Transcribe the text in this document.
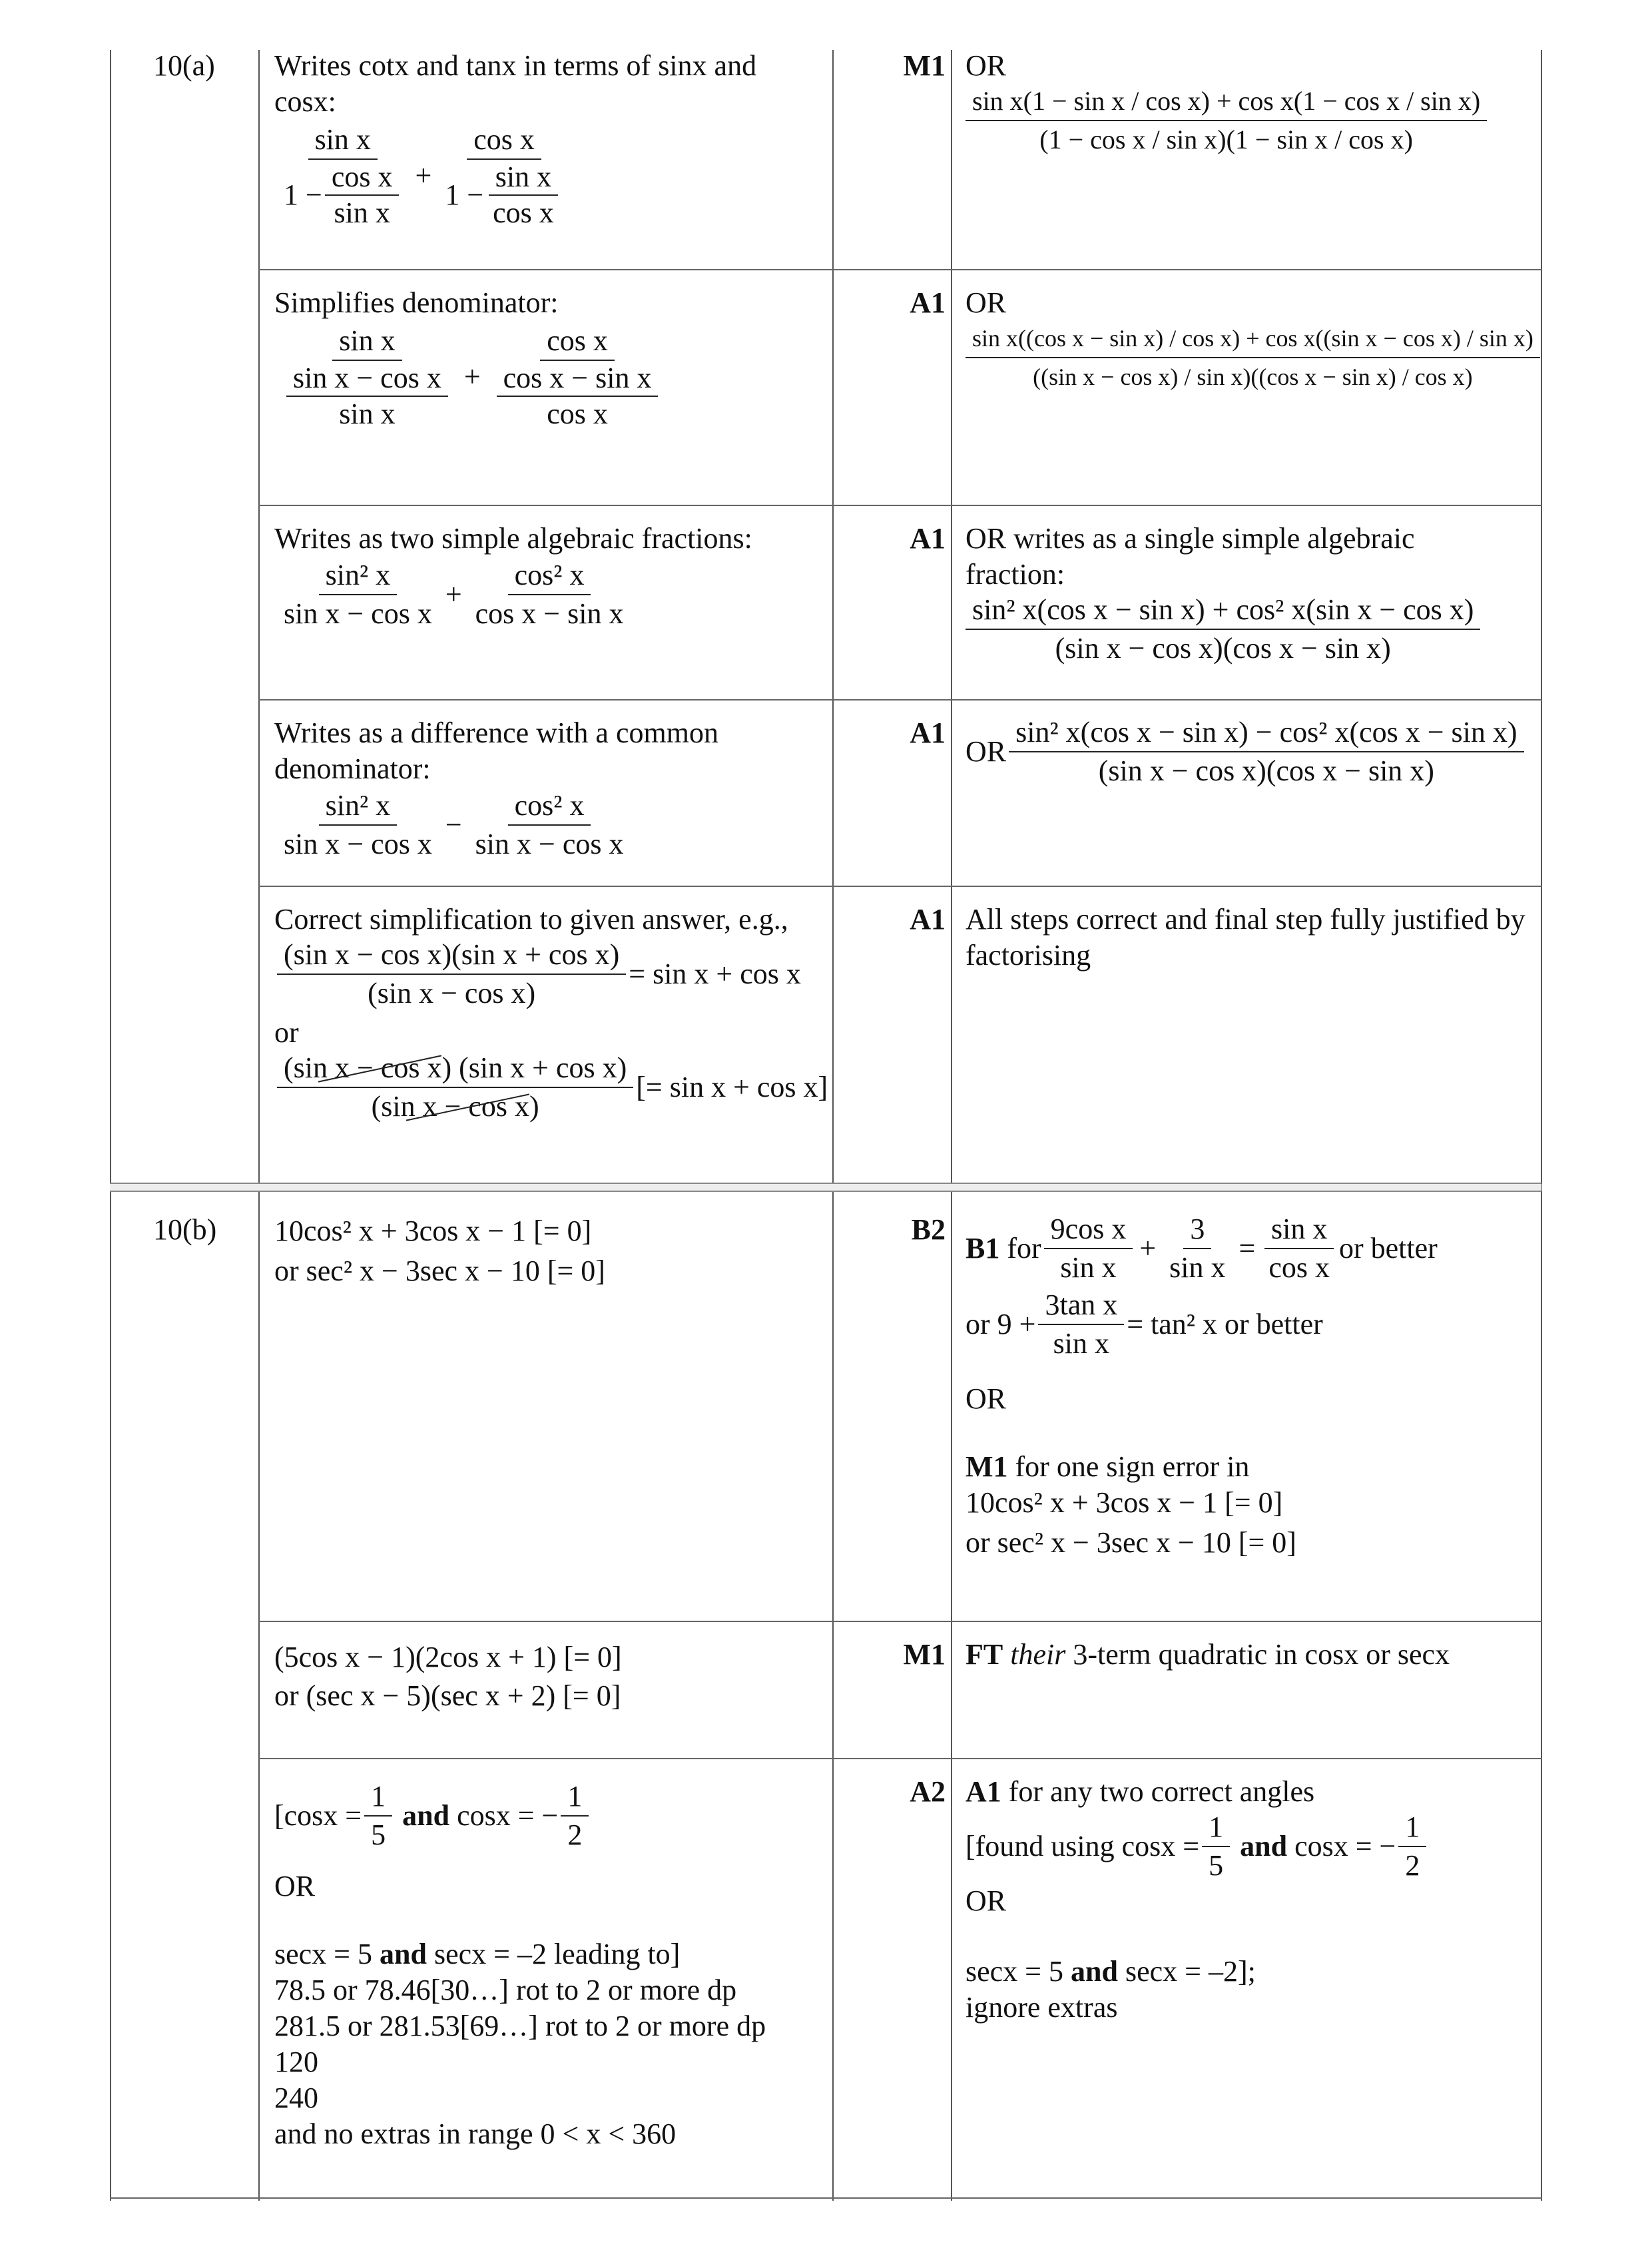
10(a)	M1
Writes cotx and tanx in terms of sinx and cosx:
$\frac{\text{sin x}}{1 - \frac{\text{cos x}}{\text{sin x}}} + \frac{\text{cos x}}{1 - \frac{\text{sin x}}{\text{cos x}}}$
OR
$\frac{\text{sin x(1 − sin x / cos x) + cos x(1 − cos x / sin x)}}{\text{(1 − cos x / sin x)(1 − sin x / cos x)}}$
A1
Simplifies denominator:
$\frac{\text{sin x}}{\frac{\text{sin x − cos x}}{\text{sin x}}} + \frac{\text{cos x}}{\frac{\text{cos x − sin x}}{\text{cos x}}}$
OR
sin x((cos x − sin x) / cos x) + cos x((sin x − cos x) / sin x)
((sin x − cos x) / sin x)((cos x − sin x) / cos x)
A1
Writes as two simple algebraic fractions:
$\frac{\text{sin² x}}{\text{sin x − cos x}} + \frac{\text{cos² x}}{\text{cos x − sin x}}$
OR writes as a single simple algebraic fraction:
$\frac{\text{sin² x(cos x − sin x) + cos² x(sin x − cos x)}}{\text{(sin x − cos x)(cos x − sin x)}}$
A1
Writes as a difference with a common denominator:
$\frac{\text{sin² x}}{\text{sin x − cos x}} - \frac{\text{cos² x}}{\text{sin x − cos x}}$
OR $\frac{\text{sin² x(cos x − sin x) − cos² x(cos x − sin x)}}{\text{(sin x − cos x)(cos x − sin x)}}$
A1
Correct simplification to given answer, e.g.,
$\frac{\text{(sin x − cos x)(sin x + cos x)}}{\text{(sin x − cos x)}} = \sin x + \cos x$
or
$\frac{\text{(sin x − cos x) (sin x + cos x)}}{\text{(sin x − cos x)}}$ [= sin x + cos x]
All steps correct and final step fully justified by factorising
10(b)	B2
10cos² x + 3cos x − 1 [= 0]
or sec² x − 3sec x − 10 [= 0]
B1
for $\frac{\text{9cos x}}{\text{sin x}} + \frac{3}{\text{sin x}} = \frac{\text{sin x}}{\text{cos x}}$ or better
or $9 + \frac{\text{3tan x}}{\text{sin x}} = \tan^2$ x or better
OR
M1 for one sign error in
10cos² x + 3cos x − 1 [= 0]
or sec² x − 3sec x − 10 [= 0]
M1
(5cos x − 1)(2cos x + 1) [= 0]
or (sec x − 5)(sec x + 2) [= 0]
FT their 3-term quadratic in cosx or secx
A2
[$\cos x = \frac{1}{5}$
and
cosx = − $\frac{1}{2}$
OR
secx = 5 and secx = –2 leading to]
78.5 or 78.46[30…] rot to 2 or more dp
281.5 or 281.53[69…] rot to 2 or more dp
120
240
and no extras in range 0 < x < 360
A1 for any two correct angles
[found using $\cos x = \frac{1}{5}$
and
cosx = − $\frac{1}{2}$
OR
secx = 5 and secx = –2];
ignore extras
